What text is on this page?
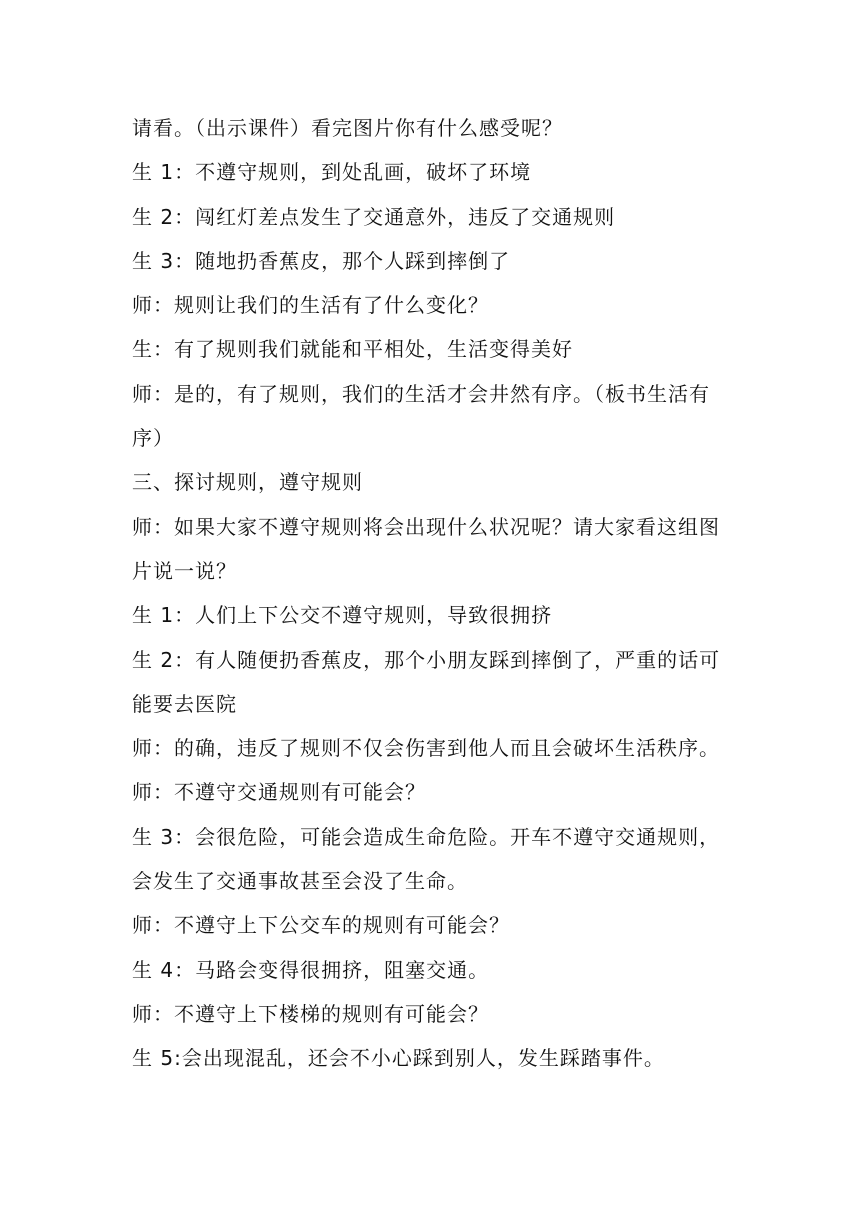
请看。（出示课件）看完图片你有什么感受呢？
生 1：不遵守规则，到处乱画，破坏了环境
生 2：闯红灯差点发生了交通意外，违反了交通规则
生 3：随地扔香蕉皮，那个人踩到摔倒了
师：规则让我们的生活有了什么变化？
生：有了规则我们就能和平相处，生活变得美好
师：是的，有了规则，我们的生活才会井然有序。（板书生活有
序）
三、探讨规则，遵守规则
师：如果大家不遵守规则将会出现什么状况呢？请大家看这组图
片说一说？
生 1：人们上下公交不遵守规则，导致很拥挤
生 2：有人随便扔香蕉皮，那个小朋友踩到摔倒了，严重的话可
能要去医院
师：的确，违反了规则不仅会伤害到他人而且会破坏生活秩序。
师：不遵守交通规则有可能会？
生 3：会很危险，可能会造成生命危险。开车不遵守交通规则，
会发生了交通事故甚至会没了生命。
师：不遵守上下公交车的规则有可能会？
生 4：马路会变得很拥挤，阻塞交通。
师：不遵守上下楼梯的规则有可能会？
生 5:会出现混乱，还会不小心踩到别人，发生踩踏事件。
